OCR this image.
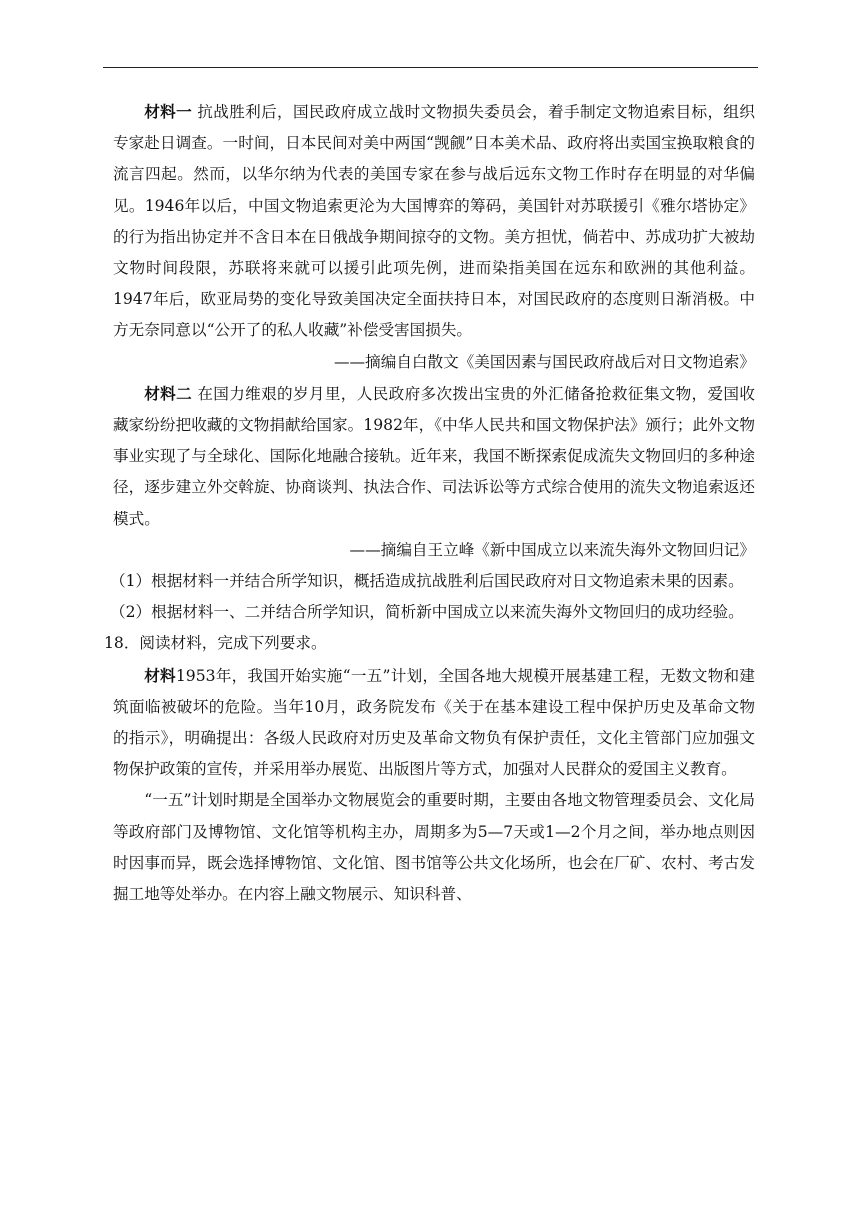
材料一 抗战胜利后，国民政府成立战时文物损失委员会，着手制定文物追索目标，组织专家赴日调查。一时间，日本民间对美中两国“觊觎”日本美术品、政府将出卖国宝换取粮食的流言四起。然而，以华尔纳为代表的美国专家在参与战后远东文物工作时存在明显的对华偏见。1946年以后，中国文物追索更沦为大国博弈的筹码，美国针对苏联援引《雅尔塔协定》的行为指出协定并不含日本在日俄战争期间掠夺的文物。美方担忧，倘若中、苏成功扩大被劫文物时间段限，苏联将来就可以援引此项先例，进而染指美国在远东和欧洲的其他利益。1947年后，欧亚局势的变化导致美国决定全面扶持日本，对国民政府的态度则日渐消极。中方无奈同意以“公开了的私人收藏”补偿受害国损失。

——摘编自白散文《美国因素与国民政府战后对日文物追索》

材料二 在国力维艰的岁月里，人民政府多次拨出宝贵的外汇储备抢救征集文物，爱国收藏家纷纷把收藏的文物捐献给国家。1982年，《中华人民共和国文物保护法》颁行；此外文物事业实现了与全球化、国际化地融合接轨。近年来，我国不断探索促成流失文物回归的多种途径，逐步建立外交斡旋、协商谈判、执法合作、司法诉讼等方式综合使用的流失文物追索返还模式。

——摘编自王立峰《新中国成立以来流失海外文物回归记》

（1）根据材料一并结合所学知识，概括造成抗战胜利后国民政府对日文物追索未果的因素。

（2）根据材料一、二并结合所学知识，简析新中国成立以来流失海外文物回归的成功经验。

18．阅读材料，完成下列要求。

材料1953年，我国开始实施“一五”计划，全国各地大规模开展基建工程，无数文物和建筑面临被破坏的危险。当年10月，政务院发布《关于在基本建设工程中保护历史及革命文物的指示》，明确提出：各级人民政府对历史及革命文物负有保护责任，文化主管部门应加强文物保护政策的宣传，并采用举办展览、出版图片等方式，加强对人民群众的爱国主义教育。

“一五”计划时期是全国举办文物展览会的重要时期，主要由各地文物管理委员会、文化局等政府部门及博物馆、文化馆等机构主办，周期多为5—7天或1—2个月之间，举办地点则因时因事而异，既会选择博物馆、文化馆、图书馆等公共文化场所，也会在厂矿、农村、考古发掘工地等处举办。在内容上融文物展示、知识科普、
